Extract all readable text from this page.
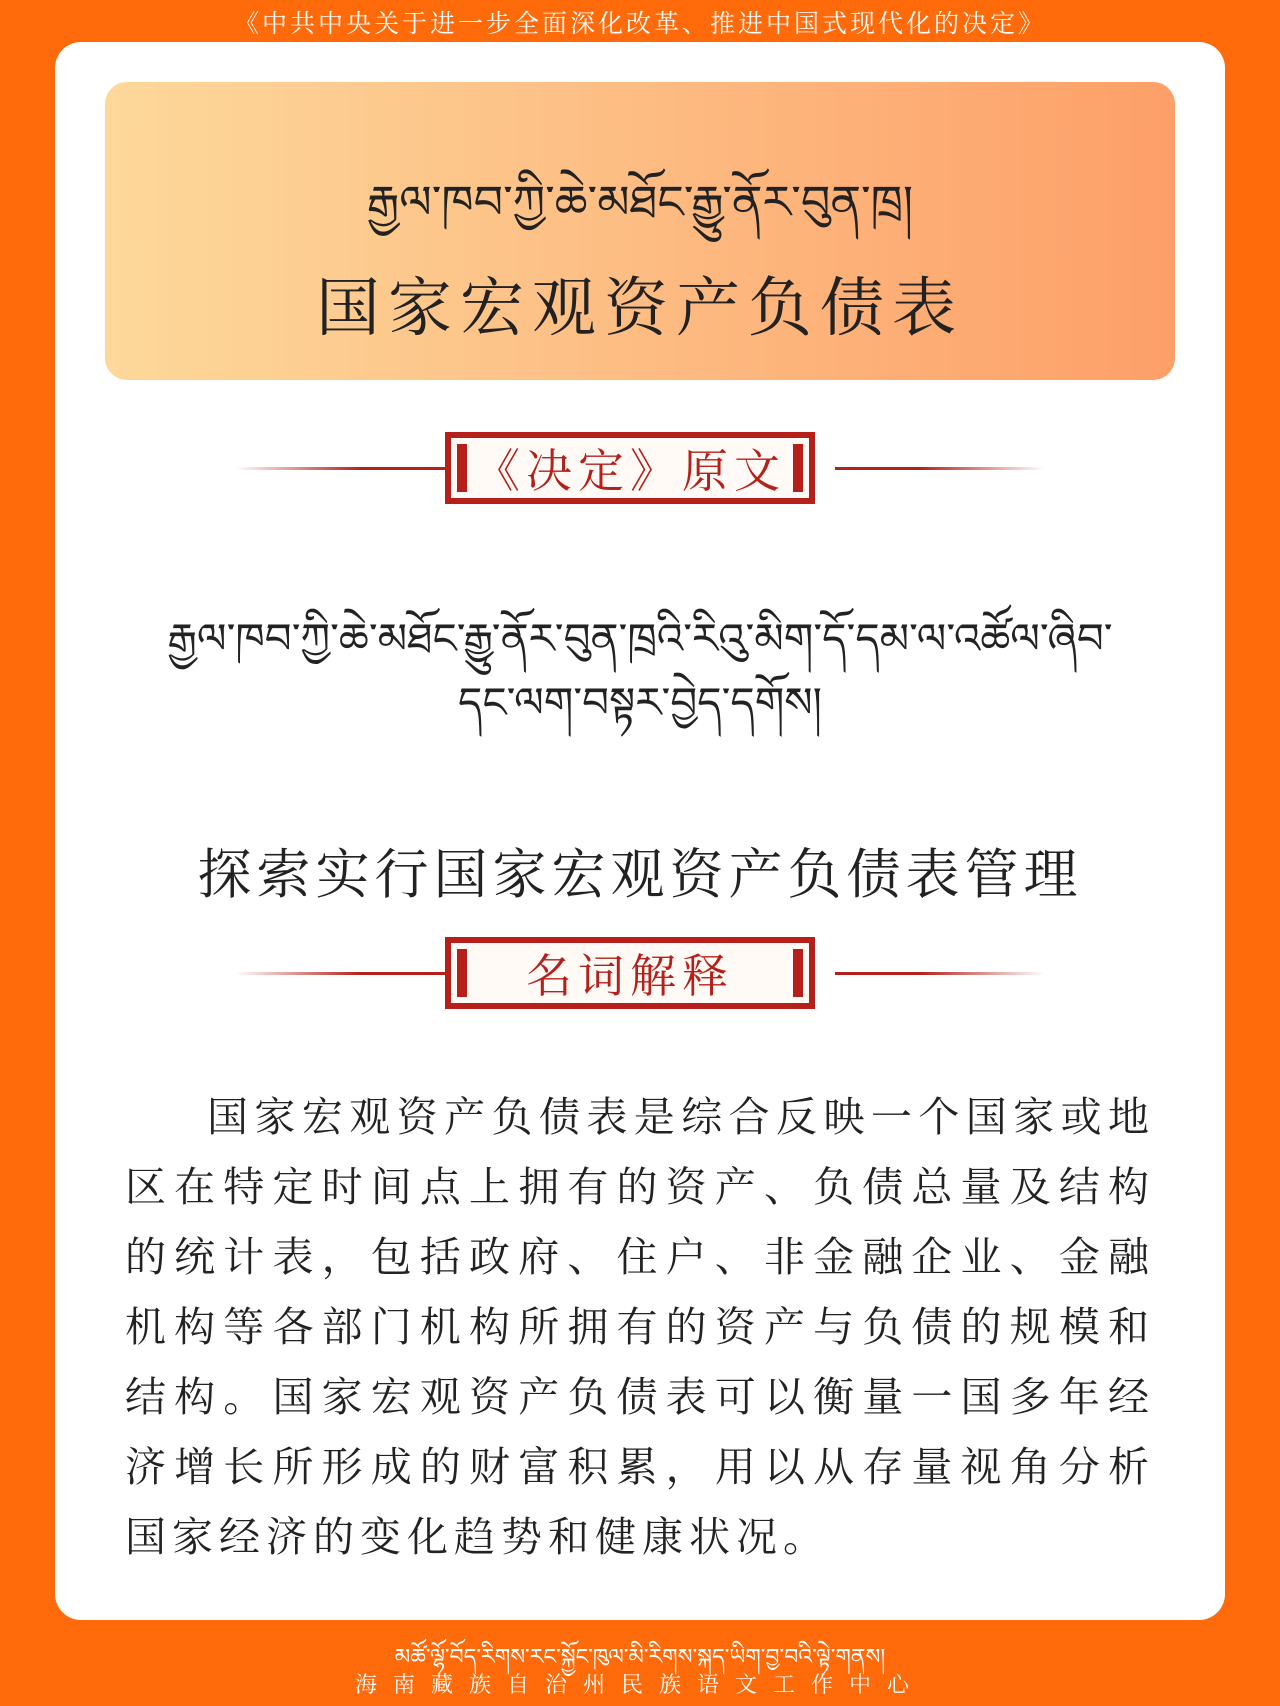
《中共中央关于进一步全面深化改革、推进中国式现代化的决定》
རྒྱལ་ཁབ་ཀྱི་ཆེ་མཐོང་རྒྱུ་ནོར་བུན་ཁྲ།
国家宏观资产负债表
《决定》原文
རྒྱལ་ཁབ་ཀྱི་ཆེ་མཐོང་རྒྱུ་ནོར་བུན་ཁྲའི་རིའུ་མིག་དོ་དམ་ལ་འཚོལ་ཞིབ་
དང་ལག་བསྟར་བྱེད་དགོས།
探索实行国家宏观资产负债表管理
名词解释
国家宏观资产负债表是综合反映一个国家或地区在特定时间点上拥有的资产、负债总量及结构的统计表，包括政府、住户、非金融企业、金融机构等各部门机构所拥有的资产与负债的规模和结构。国家宏观资产负债表可以衡量一国多年经济增长所形成的财富积累，用以从存量视角分析国家经济的变化趋势和健康状况。
མཚོ་ལྷོ་བོད་རིགས་རང་སྐྱོང་ཁུལ་མི་རིགས་སྐད་ཡིག་བྱ་བའི་ལྟེ་གནས།
海南藏族自治州民族语文工作中心
